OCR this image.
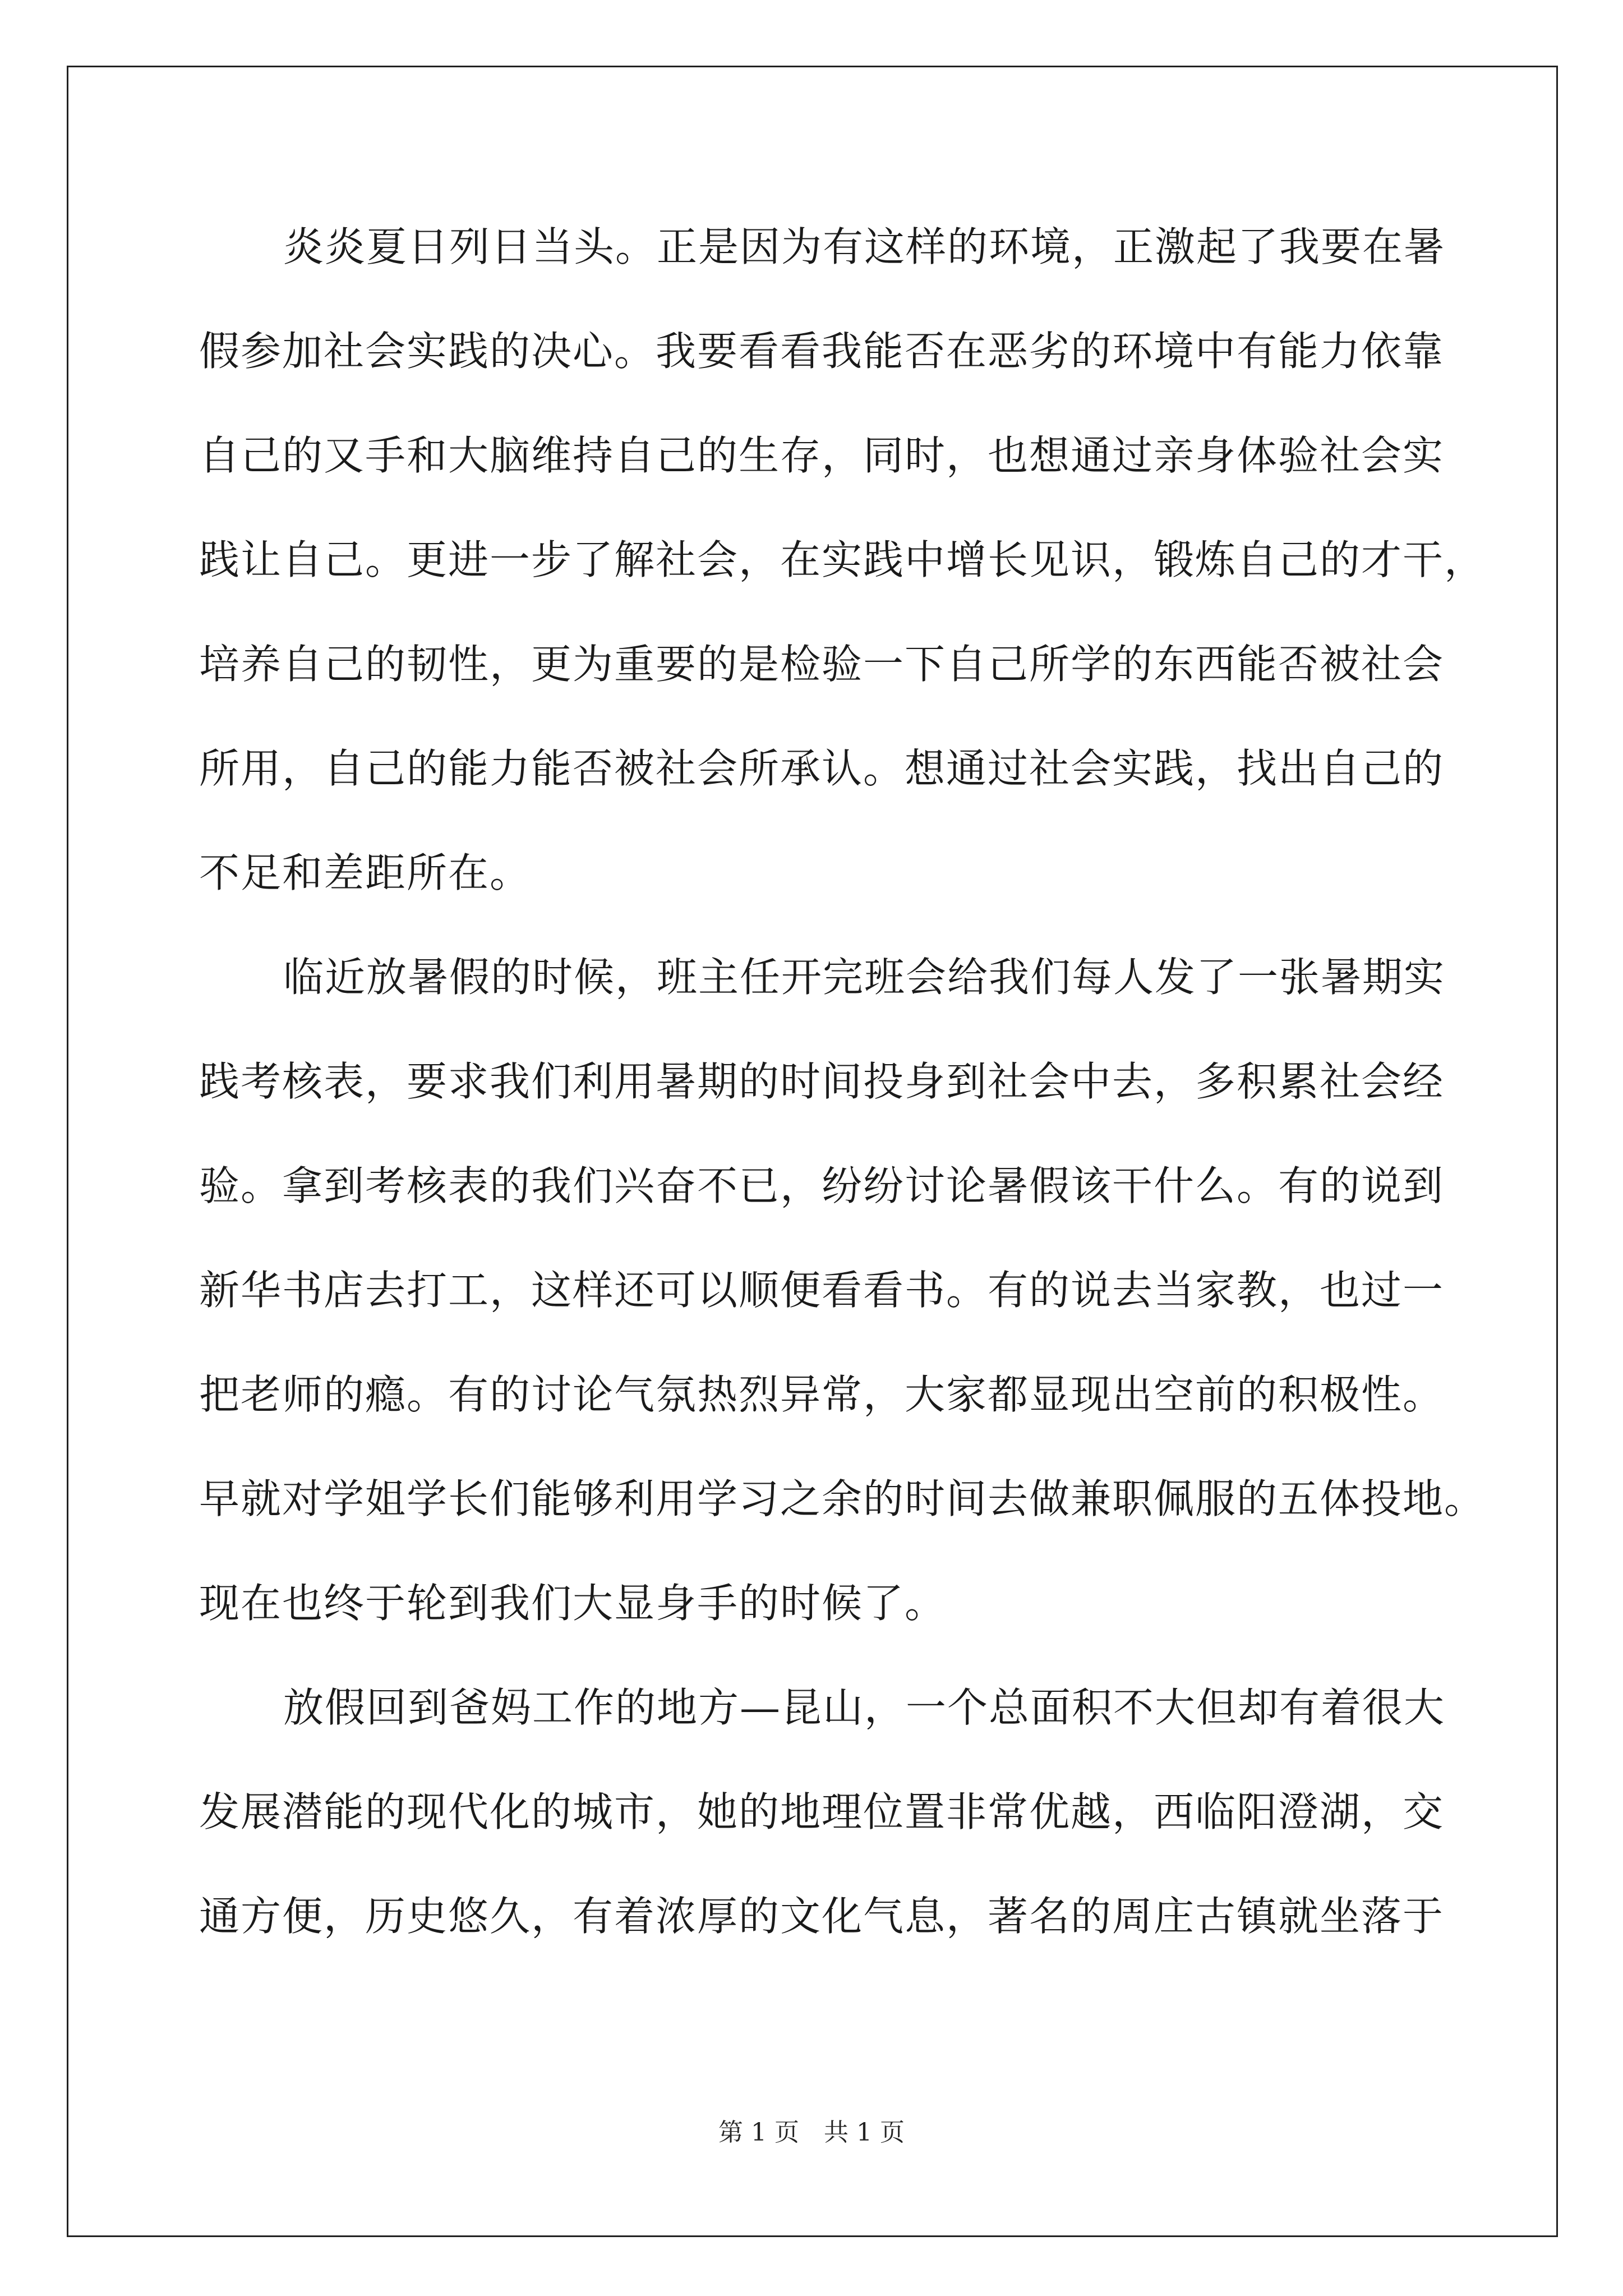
炎炎夏日列日当头。正是因为有这样的环境，正激起了我要在暑
假参加社会实践的决心。我要看看我能否在恶劣的环境中有能力依靠
自己的又手和大脑维持自己的生存，同时，也想通过亲身体验社会实
践让自己。更进一步了解社会，在实践中增长见识，锻炼自己的才干，
培养自己的韧性，更为重要的是检验一下自己所学的东西能否被社会
所用，自己的能力能否被社会所承认。想通过社会实践，找出自己的
不足和差距所在。
临近放暑假的时候，班主任开完班会给我们每人发了一张暑期实
践考核表，要求我们利用暑期的时间投身到社会中去，多积累社会经
验。拿到考核表的我们兴奋不已，纷纷讨论暑假该干什么。有的说到
新华书店去打工，这样还可以顺便看看书。有的说去当家教，也过一
把老师的瘾。有的讨论气氛热烈异常，大家都显现出空前的积极性。
早就对学姐学长们能够利用学习之余的时间去做兼职佩服的五体投地。
现在也终于轮到我们大显身手的时候了。
放假回到爸妈工作的地方—昆山，一个总面积不大但却有着很大
发展潜能的现代化的城市，她的地理位置非常优越，西临阳澄湖，交
通方便，历史悠久，有着浓厚的文化气息，著名的周庄古镇就坐落于
第 1 页　共 1 页
